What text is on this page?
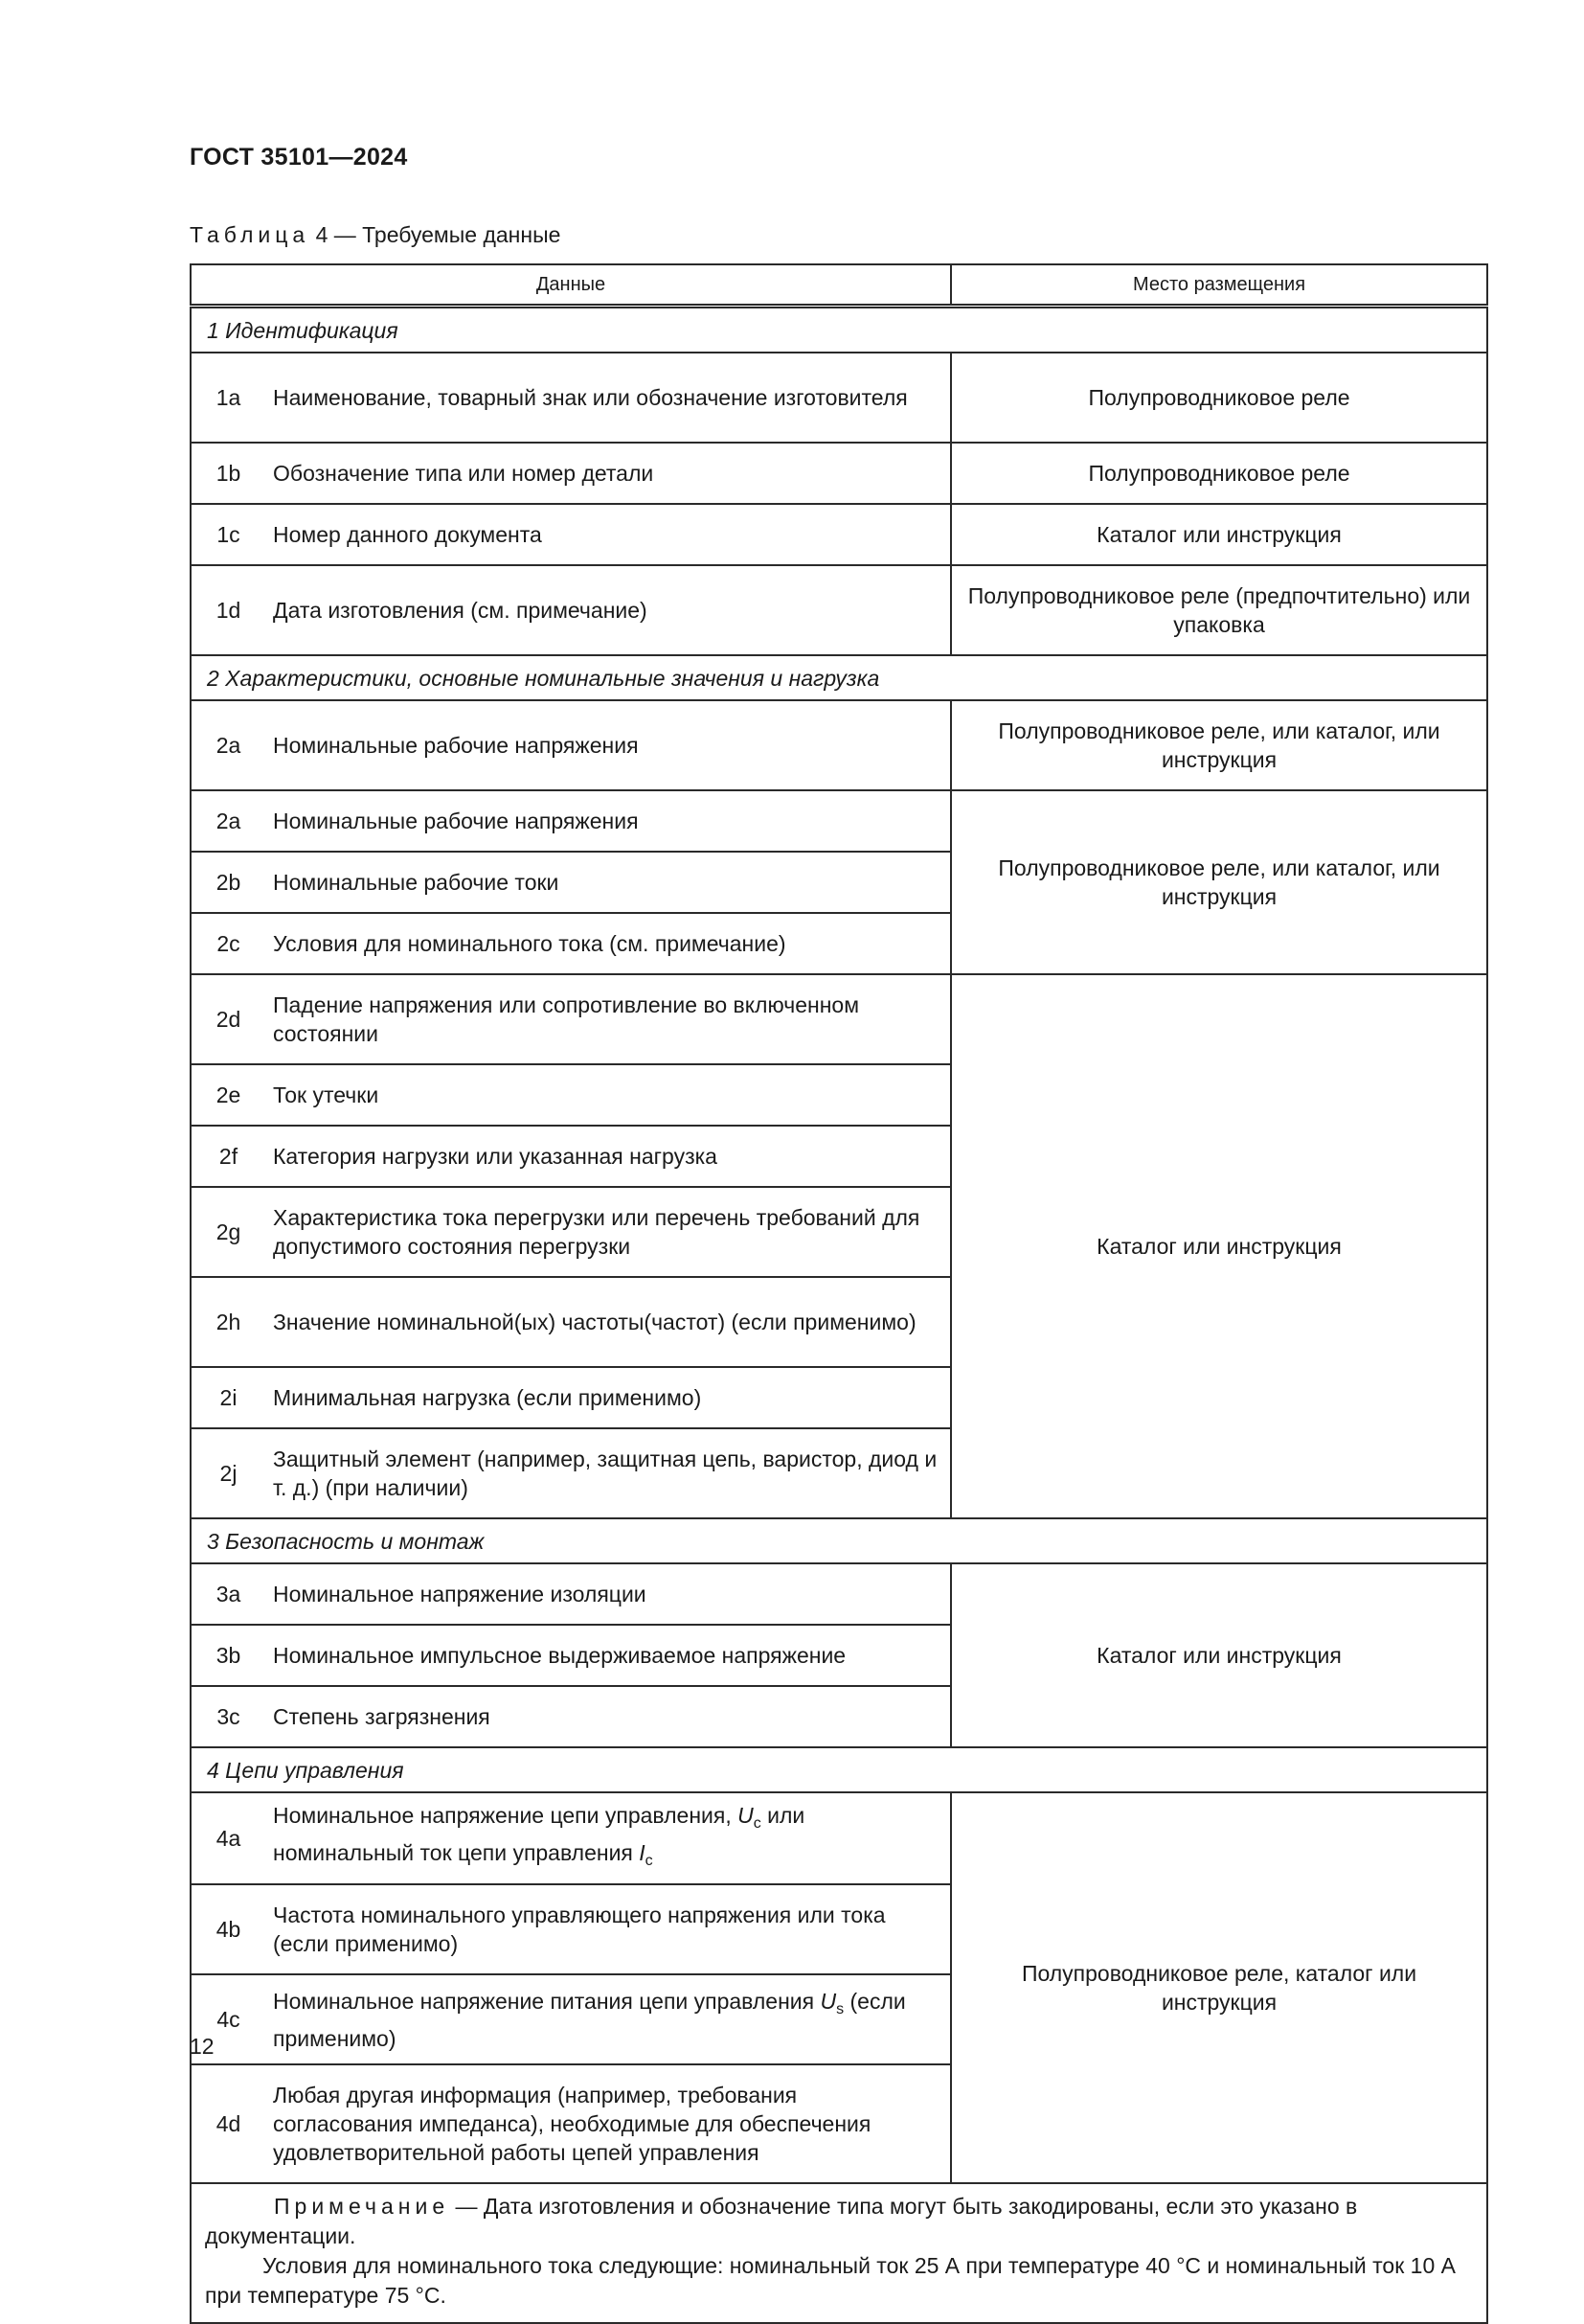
ГОСТ 35101—2024
Таблица 4 — Требуемые данные
Данные		Место размещения
1 Идентификация		
1a	Наименование, товарный знак или обозначение изготовителя	Полупроводниковое реле
1b	Обозначение типа или номер детали	Полупроводниковое реле
1c	Номер данного документа	Каталог или инструкция
1d	Дата изготовления (см. примечание)	Полупроводниковое реле (предпочтительно) или упаковка
2 Характеристики, основные номинальные значения и нагрузка		
2a	Номинальные рабочие напряжения	Полупроводниковое реле, или каталог, или инструкция
2a	Номинальные рабочие напряжения	Полупроводниковое реле, или каталог, или инструкция
2b	Номинальные рабочие токи	
2c	Условия для номинального тока (см. примечание)	
2d	Падение напряжения или сопротивление во включенном состоянии	Каталог или инструкция
2e	Ток утечки	
2f	Категория нагрузки или указанная нагрузка	
2g	Характеристика тока перегрузки или перечень требований для допустимого состояния перегрузки	
2h	Значение номинальной(ых) частоты(частот) (если применимо)	
2i	Минимальная нагрузка (если применимо)	
2j	Защитный элемент (например, защитная цепь, варистор, диод и т. д.) (при наличии)	
3 Безопасность и монтаж		
3a	Номинальное напряжение изоляции	Каталог или инструкция
3b	Номинальное импульсное выдерживаемое напряжение	
3c	Степень загрязнения	
4 Цепи управления		
4a	Номинальное напряжение цепи управления, $U_c$ или номинальный ток цепи управления $I_c$	Полупроводниковое реле, каталог или инструкция
4b	Частота номинального управляющего напряжения или тока (если применимо)	
4c	Номинальное напряжение питания цепи управления $U_s$ (если применимо)	
4d	Любая другая информация (например, требования согласования импеданса), необходимые для обеспечения удовлетворительной работы цепей управления	

Примечание — Дата изготовления и обозначение типа могут быть закодированы, если это указано в документации.
Условия для номинального тока следующие: номинальный ток 25 А при температуре 40 °С и номинальный ток 10 А при температуре 75 °С.		
12
